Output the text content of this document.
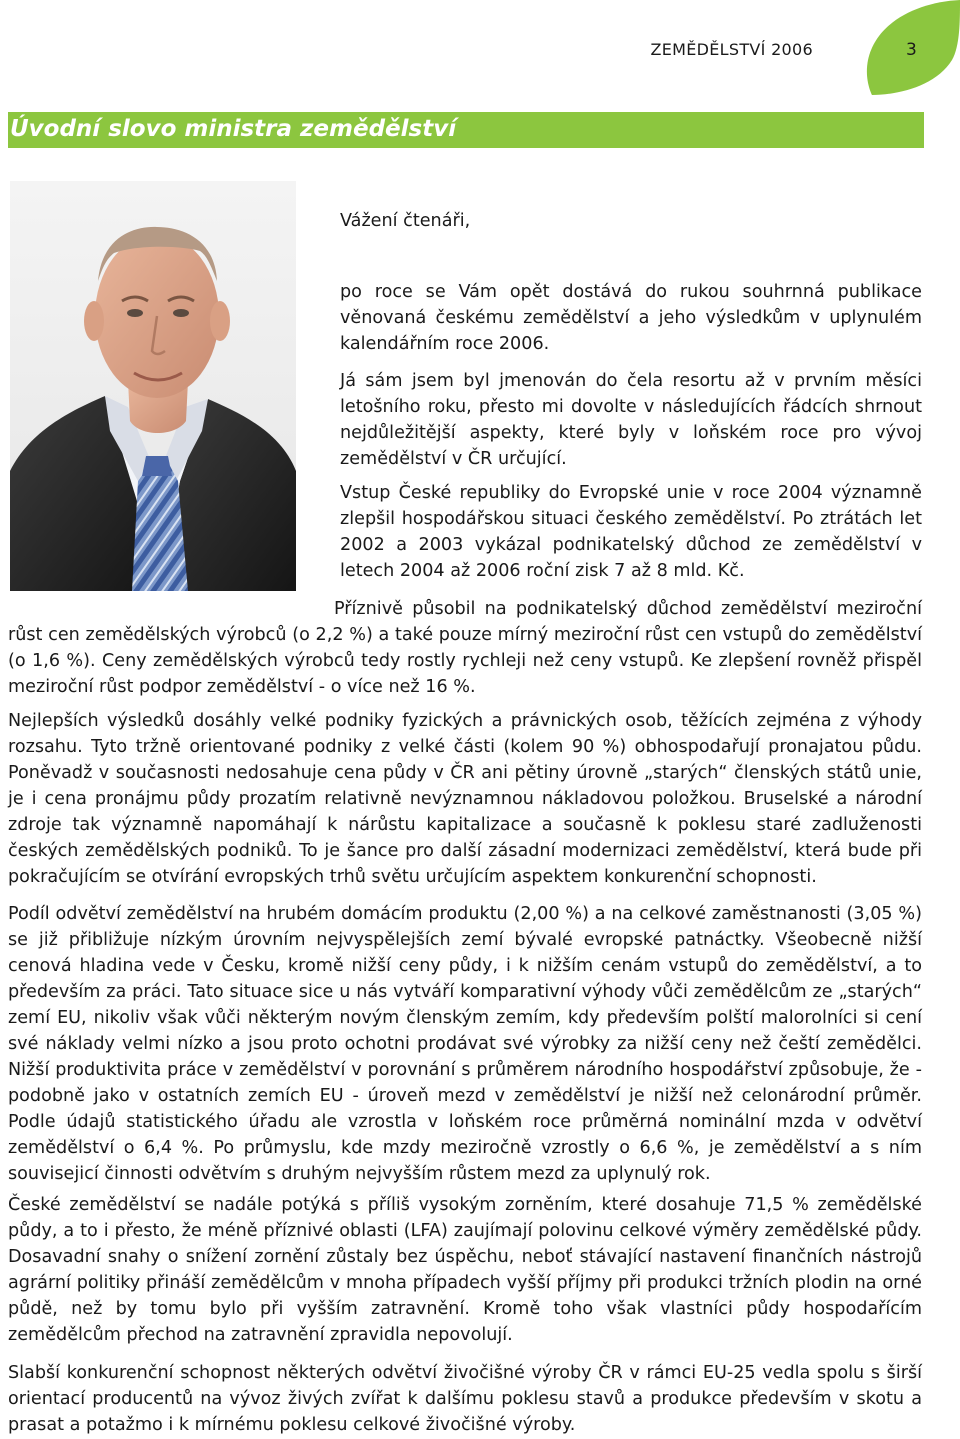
ZEMĚDĚLSTVÍ 2006	3
Úvodní slovo ministra zemědělství
Vážení čtenáři,
po roce se Vám opět dostává do rukou souhrnná publikace věnovaná českému zemědělství a jeho výsledkům v uplynulém kalendářním roce 2006.
Já sám jsem byl jmenován do čela resortu až v prvním měsíci letošního roku, přesto mi dovolte v následujících řádcích shrnout nejdůležitější aspekty, které byly v loňském roce pro vývoj zemědělství v ČR určující.
Vstup České republiky do Evropské unie v roce 2004 významně zlepšil hospodářskou situaci českého zemědělství. Po ztrátách let 2002 a 2003 vykázal podnikatelský důchod ze zemědělství v letech 2004 až 2006 roční zisk 7 až 8 mld. Kč.
Příznivě působil na podnikatelský důchod zemědělství meziroční růst cen zemědělských výrobců (o 2,2 %) a také pouze mírný meziroční růst cen vstupů do zemědělství (o 1,6 %). Ceny zemědělských výrobců tedy rostly rychleji než ceny vstupů. Ke zlepšení rovněž přispěl meziroční růst podpor zemědělství - o více než 16 %.
Nejlepších výsledků dosáhly velké podniky fyzických a právnických osob, těžících zejména z výhody rozsahu. Tyto tržně orientované podniky z velké části (kolem 90 %) obhospodařují pronajatou půdu. Poněvadž v současnosti nedosahuje cena půdy v ČR ani pětiny úrovně „starých“ členských států unie, je i cena pronájmu půdy prozatím relativně nevýznamnou nákladovou položkou. Bruselské a národní zdroje tak významně napomáhají k nárůstu kapitalizace a současně k poklesu staré zadluženosti českých zemědělských podniků. To je šance pro další zásadní modernizaci zemědělství, která bude při pokračujícím se otvírání evropských trhů světu určujícím aspektem konkurenční schopnosti.
Podíl odvětví zemědělství na hrubém domácím produktu (2,00 %) a na celkové zaměstnanosti (3,05 %) se již přibližuje nízkým úrovním nejvyspělejších zemí bývalé evropské patnáctky. Všeobecně nižší cenová hladina vede v Česku, kromě nižší ceny půdy, i k nižším cenám vstupů do zemědělství, a to především za práci. Tato situace sice u nás vytváří komparativní výhody vůči zemědělcům ze „starých“ zemí EU, nikoliv však vůči některým novým členským zemím, kdy především polští malorolníci si cení své náklady velmi nízko a jsou proto ochotni prodávat své výrobky za nižší ceny než čeští zemědělci. Nižší produktivita práce v zemědělství v porovnání s průměrem národního hospodářství způsobuje, že - podobně jako v ostatních zemích EU - úroveň mezd v zemědělství je nižší než celonárodní průměr. Podle údajů statistického úřadu ale vzrostla v loňském roce průměrná nominální mzda v odvětví zemědělství o 6,4 %. Po průmyslu, kde mzdy meziročně vzrostly o 6,6 %, je zemědělství a s ním souvisejicí činnosti odvětvím s druhým nejvyšším růstem mezd za uplynulý rok.
České zemědělství se nadále potýká s příliš vysokým zorněním, které dosahuje 71,5 % zemědělské půdy, a to i přesto, že méně příznivé oblasti (LFA) zaujímají polovinu celkové výměry zemědělské půdy. Dosavadní snahy o snížení zornění zůstaly bez úspěchu, neboť stávající nastavení finančních nástrojů agrární politiky přináší zemědělcům v mnoha případech vyšší příjmy při produkci tržních plodin na orné půdě, než by tomu bylo při vyšším zatravnění. Kromě toho však vlastníci půdy hospodařícím zemědělcům přechod na zatravnění zpravidla nepovolují.
Slabší konkurenční schopnost některých odvětví živočišné výroby ČR v rámci EU-25 vedla spolu s širší orientací producentů na vývoz živých zvířat k dalšímu poklesu stavů a produkce především v skotu a prasat a potažmo i k mírnému poklesu celkové živočišné výroby.
